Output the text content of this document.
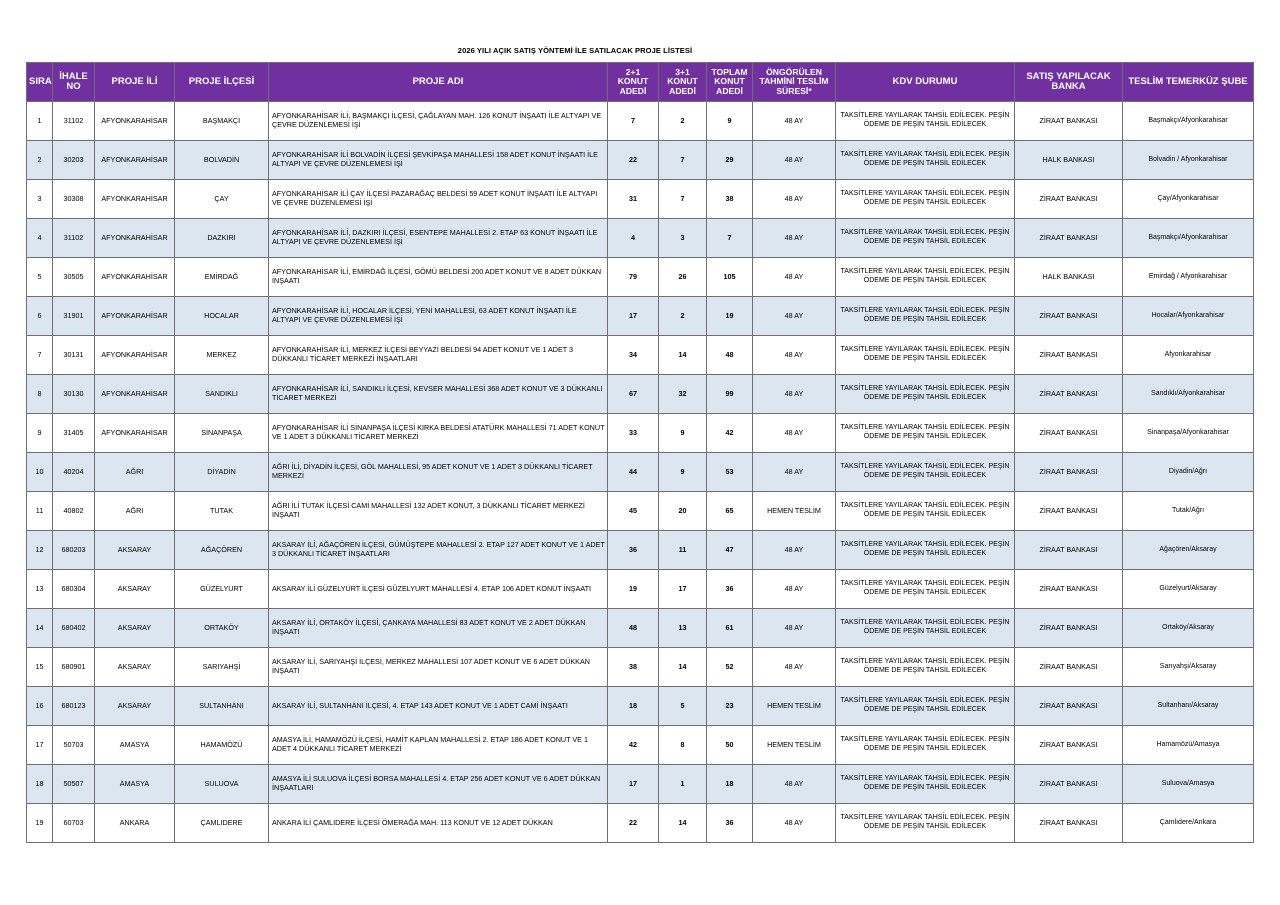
2026 YILI AÇIK SATIŞ YÖNTEMİ İLE SATILACAK PROJE LİSTESİ
SIRA	İHALE NO	PROJE İLİ	PROJE İLÇESİ	PROJE ADI	2+1 KONUT ADEDİ	3+1 KONUT ADEDİ	TOPLAM KONUT ADEDİ	ÖNGÖRÜLEN TAHMİNİ TESLİM SÜRESİ*	KDV DURUMU	SATIŞ YAPILACAK BANKA	TESLİM TEMERKÜZ ŞUBE
1	31102	AFYONKARAHİSAR	BAŞMAKÇI	AFYONKARAHİSAR İLİ, BAŞMAKÇI İLÇESİ, ÇAĞLAYAN MAH. 126 KONUT İNŞAATI İLE ALTYAPI VE ÇEVRE DÜZENLEMESİ İŞİ	7	2	9	48 AY	TAKSİTLERE YAYILARAK TAHSİL EDİLECEK. PEŞİN ÖDEME DE PEŞİN TAHSİL EDİLECEK	ZİRAAT BANKASI	Başmakçı/Afyonkarahisar
2	30203	AFYONKARAHİSAR	BOLVADİN	AFYONKARAHİSAR İLİ BOLVADİN İLÇESİ ŞEVKİPAŞA MAHALLESİ 158 ADET KONUT İNŞAATI İLE ALTYAPI VE ÇEVRE DÜZENLEMESİ İŞİ	22	7	29	48 AY	TAKSİTLERE YAYILARAK TAHSİL EDİLECEK. PEŞİN ÖDEME DE PEŞİN TAHSİL EDİLECEK	HALK BANKASI	Bolvadin / Afyonkarahisar
3	30308	AFYONKARAHİSAR	ÇAY	AFYONKARAHİSAR İLİ ÇAY İLÇESİ PAZARAĞAÇ BELDESİ 59 ADET KONUT İNŞAATI İLE ALTYAPI VE ÇEVRE DÜZENLEMESİ İŞİ	31	7	38	48 AY	TAKSİTLERE YAYILARAK TAHSİL EDİLECEK. PEŞİN ÖDEME DE PEŞİN TAHSİL EDİLECEK	ZİRAAT BANKASI	Çay/Afyonkarahisar
4	31102	AFYONKARAHİSAR	DAZKIRI	AFYONKARAHİSAR İLİ, DAZKIRI İLÇESİ, ESENTEPE MAHALLESİ 2. ETAP 63 KONUT İNŞAATI İLE ALTYAPI VE ÇEVRE DÜZENLEMESİ İŞİ	4	3	7	48 AY	TAKSİTLERE YAYILARAK TAHSİL EDİLECEK. PEŞİN ÖDEME DE PEŞİN TAHSİL EDİLECEK	ZİRAAT BANKASI	Başmakçı/Afyonkarahisar
5	30505	AFYONKARAHİSAR	EMİRDAĞ	AFYONKARAHİSAR İLİ, EMİRDAĞ İLÇESİ, GÖMÜ BELDESİ 200 ADET KONUT VE 8 ADET DÜKKAN İNŞAATI	79	26	105	48 AY	TAKSİTLERE YAYILARAK TAHSİL EDİLECEK. PEŞİN ÖDEME DE PEŞİN TAHSİL EDİLECEK	HALK BANKASI	Emirdağ / Afyonkarahisar
6	31901	AFYONKARAHİSAR	HOCALAR	AFYONKARAHİSAR İLİ, HOCALAR İLÇESİ, YENİ MAHALLESİ, 63 ADET KONUT İNŞAATI İLE ALTYAPI VE ÇEVRE DÜZENLEMESİ İŞİ	17	2	19	48 AY	TAKSİTLERE YAYILARAK TAHSİL EDİLECEK. PEŞİN ÖDEME DE PEŞİN TAHSİL EDİLECEK	ZİRAAT BANKASI	Hocalar/Afyonkarahisar
7	30131	AFYONKARAHİSAR	MERKEZ	AFYONKARAHİSAR İLİ, MERKEZ İLÇESİ BEYYAZI BELDESİ 94 ADET KONUT VE 1 ADET 3 DÜKKANLI TİCARET MERKEZİ İNŞAATLARI	34	14	48	48 AY	TAKSİTLERE YAYILARAK TAHSİL EDİLECEK. PEŞİN ÖDEME DE PEŞİN TAHSİL EDİLECEK	ZİRAAT BANKASI	Afyonkarahisar
8	30130	AFYONKARAHİSAR	SANDIKLI	AFYONKARAHİSAR İLİ, SANDIKLI İLÇESİ, KEVSER MAHALLESİ 368 ADET KONUT VE 3 DÜKKANLI TİCARET MERKEZİ	67	32	99	48 AY	TAKSİTLERE YAYILARAK TAHSİL EDİLECEK. PEŞİN ÖDEME DE PEŞİN TAHSİL EDİLECEK	ZİRAAT BANKASI	Sandıklı/Afyonkarahisar
9	31405	AFYONKARAHİSAR	SİNANPAŞA	AFYONKARAHİSAR İLİ SİNANPAŞA İLÇESİ KIRKA BELDESİ ATATÜRK MAHALLESİ 71 ADET KONUT VE 1 ADET 3 DÜKKANLI TİCARET MERKEZİ	33	9	42	48 AY	TAKSİTLERE YAYILARAK TAHSİL EDİLECEK. PEŞİN ÖDEME DE PEŞİN TAHSİL EDİLECEK	ZİRAAT BANKASI	Sinanpaşa/Afyonkarahisar
10	40204	AĞRI	DİYADİN	AĞRI İLİ, DİYADİN İLÇESİ, GÖL MAHALLESİ, 95 ADET KONUT VE 1 ADET 3 DÜKKANLI TİCARET MERKEZİ	44	9	53	48 AY	TAKSİTLERE YAYILARAK TAHSİL EDİLECEK. PEŞİN ÖDEME DE PEŞİN TAHSİL EDİLECEK	ZİRAAT BANKASI	Diyadin/Ağrı
11	40802	AĞRI	TUTAK	AĞRI İLİ TUTAK İLÇESİ CAMİ MAHALLESİ 132 ADET KONUT, 3 DÜKKANLI TİCARET MERKEZİ İNŞAATI	45	20	65	HEMEN TESLİM	TAKSİTLERE YAYILARAK TAHSİL EDİLECEK. PEŞİN ÖDEME DE PEŞİN TAHSİL EDİLECEK	ZİRAAT BANKASI	Tutak/Ağrı
12	680203	AKSARAY	AĞAÇÖREN	AKSARAY İLİ, AĞAÇÖREN İLÇESİ, GÜMÜŞTEPE MAHALLESİ 2. ETAP 127 ADET KONUT VE 1 ADET 3 DÜKKANLI TİCARET İNŞAATLARI	36	11	47	48 AY	TAKSİTLERE YAYILARAK TAHSİL EDİLECEK. PEŞİN ÖDEME DE PEŞİN TAHSİL EDİLECEK	ZİRAAT BANKASI	Ağaçören/Aksaray
13	680304	AKSARAY	GÜZELYURT	AKSARAY İLİ GÜZELYURT İLÇESİ GÜZELYURT MAHALLESİ 4. ETAP 106 ADET KONUT İNŞAATI	19	17	36	48 AY	TAKSİTLERE YAYILARAK TAHSİL EDİLECEK. PEŞİN ÖDEME DE PEŞİN TAHSİL EDİLECEK	ZİRAAT BANKASI	Güzelyurt/Aksaray
14	680402	AKSARAY	ORTAKÖY	AKSARAY İLİ, ORTAKÖY İLÇESİ, ÇANKAYA MAHALLESİ 83 ADET KONUT VE 2 ADET DÜKKAN İNŞAATI	48	13	61	48 AY	TAKSİTLERE YAYILARAK TAHSİL EDİLECEK. PEŞİN ÖDEME DE PEŞİN TAHSİL EDİLECEK	ZİRAAT BANKASI	Ortaköy/Aksaray
15	680901	AKSARAY	SARIYAHŞİ	AKSARAY İLİ, SARIYAHŞİ İLÇESİ, MERKEZ MAHALLESİ 107 ADET KONUT VE 6 ADET DÜKKAN İNŞAATI	38	14	52	48 AY	TAKSİTLERE YAYILARAK TAHSİL EDİLECEK. PEŞİN ÖDEME DE PEŞİN TAHSİL EDİLECEK	ZİRAAT BANKASI	Sarıyahşi/Aksaray
16	680123	AKSARAY	SULTANHANI	AKSARAY İLİ, SULTANHANI İLÇESİ, 4. ETAP 143 ADET KONUT VE 1 ADET CAMİ İNŞAATI	18	5	23	HEMEN TESLİM	TAKSİTLERE YAYILARAK TAHSİL EDİLECEK. PEŞİN ÖDEME DE PEŞİN TAHSİL EDİLECEK	ZİRAAT BANKASI	Sultanhanı/Aksaray
17	50703	AMASYA	HAMAMÖZÜ	AMASYA İLİ, HAMAMÖZÜ İLÇESİ, HAMİT KAPLAN MAHALLESİ 2. ETAP 186 ADET KONUT VE 1 ADET 4 DÜKKANLI TİCARET MERKEZİ	42	8	50	HEMEN TESLİM	TAKSİTLERE YAYILARAK TAHSİL EDİLECEK. PEŞİN ÖDEME DE PEŞİN TAHSİL EDİLECEK	ZİRAAT BANKASI	Hamamözü/Amasya
18	50507	AMASYA	SULUOVA	AMASYA İLİ SULUOVA İLÇESİ BORSA MAHALLESİ 4. ETAP 256 ADET KONUT VE 6 ADET DÜKKAN İNŞAATLARI	17	1	18	48 AY	TAKSİTLERE YAYILARAK TAHSİL EDİLECEK. PEŞİN ÖDEME DE PEŞİN TAHSİL EDİLECEK	ZİRAAT BANKASI	Suluova/Amasya
19	60703	ANKARA	ÇAMLIDERE	ANKARA İLİ ÇAMLIDERE İLÇESİ ÖMERAĞA MAH. 113 KONUT VE 12 ADET DÜKKAN	22	14	36	48 AY	TAKSİTLERE YAYILARAK TAHSİL EDİLECEK. PEŞİN ÖDEME DE PEŞİN TAHSİL EDİLECEK	ZİRAAT BANKASI	Çamlıdere/Ankara
